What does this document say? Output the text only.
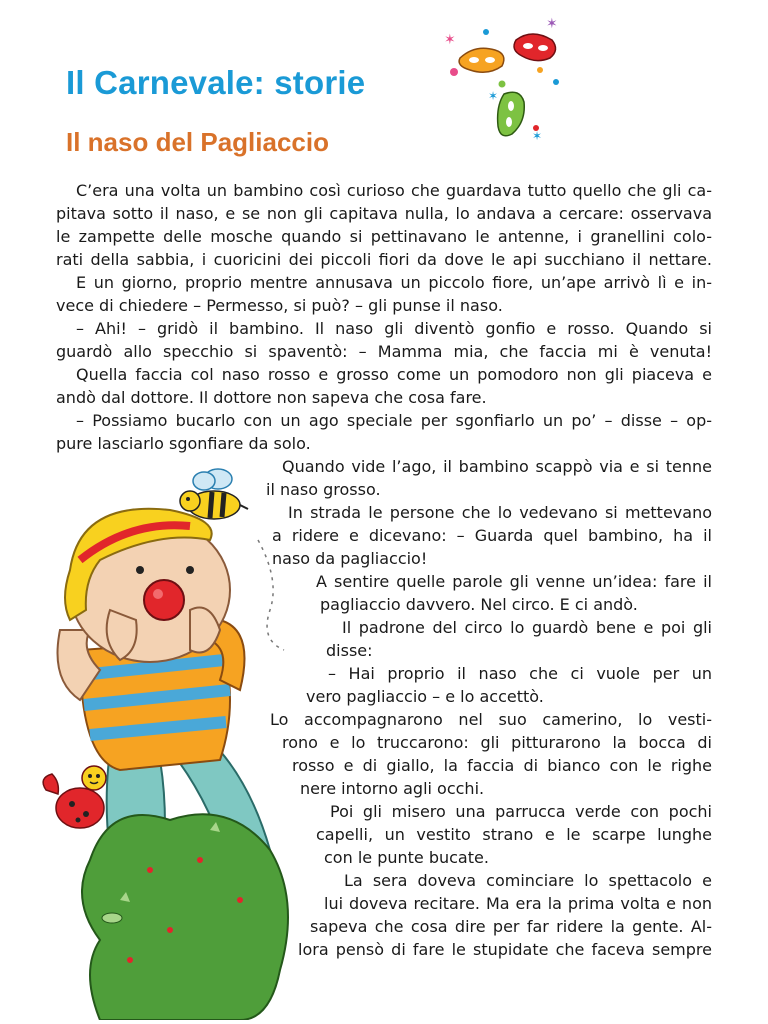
Il Carnevale: storie
Il naso del Pagliaccio
✶
✶
✶
✶
C’era una volta un bambino così curioso che guardava tutto quello che gli ca-
pitava sotto il naso, e se non gli capitava nulla, lo andava a cercare: osservava
le zampette delle mosche quando si pettinavano le antenne, i granellini colo-
rati della sabbia, i cuoricini dei piccoli fiori da dove le api succhiano il nettare.
E un giorno, proprio mentre annusava un piccolo fiore, un’ape arrivò lì e in-
vece di chiedere – Permesso, si può? – gli punse il naso.
– Ahi! – gridò il bambino. Il naso gli diventò gonfio e rosso. Quando si
guardò allo specchio si spaventò: – Mamma mia, che faccia mi è venuta!
Quella faccia col naso rosso e grosso come un pomodoro non gli piaceva e
andò dal dottore. Il dottore non sapeva che cosa fare.
– Possiamo bucarlo con un ago speciale per sgonfiarlo un po’ – disse – op-
pure lasciarlo sgonfiare da solo.
Quando vide l’ago, il bambino scappò via e si tenne
il naso grosso.
In strada le persone che lo vedevano si mettevano
a ridere e dicevano: – Guarda quel bambino, ha il
naso da pagliaccio!
A sentire quelle parole gli venne un’idea: fare il
pagliaccio davvero. Nel circo. E ci andò.
Il padrone del circo lo guardò bene e poi gli
disse:
– Hai proprio il naso che ci vuole per un
vero pagliaccio – e lo accettò.
Lo accompagnarono nel suo camerino, lo vesti-
rono e lo truccarono: gli pitturarono la bocca di
rosso e di giallo, la faccia di bianco con le righe
nere intorno agli occhi.
Poi gli misero una parrucca verde con pochi
capelli, un vestito strano e le scarpe lunghe
con le punte bucate.
La sera doveva cominciare lo spettacolo e
lui doveva recitare. Ma era la prima volta e non
sapeva che cosa dire per far ridere la gente. Al-
lora pensò di fare le stupidate che faceva sempre
